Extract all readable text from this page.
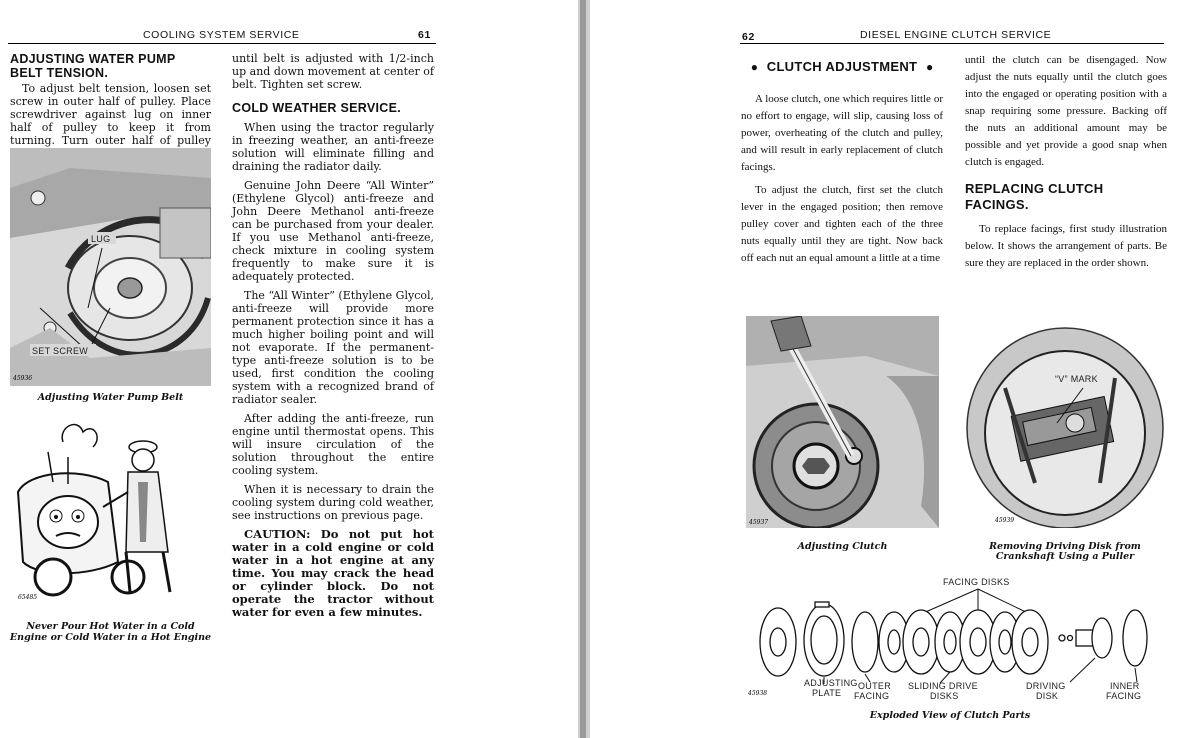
COOLING SYSTEM SERVICE	61
ADJUSTING WATER PUMP BELT TENSION.

To adjust belt tension, loosen set screw in outer half of pulley. Place screwdriver against lug on inner half of pulley to keep it from turning. Turn outer half of pulley

LUG
SET SCREW
45936
Adjusting Water Pump Belt
65485
Never Pour Hot Water in a Cold
Engine or Cold Water in a Hot Engine

until belt is adjusted with 1/2-inch up and down movement at center of belt. Tighten set screw.

COLD WEATHER SERVICE.

When using the tractor regularly in freezing weather, an anti-freeze solution will eliminate filling and draining the radiator daily.

Genuine John Deere “All Winter” (Ethylene Glycol) anti-freeze and John Deere Methanol anti-freeze can be purchased from your dealer. If you use Methanol anti-freeze, check mixture in cooling system frequently to make sure it is adequately protected.

The “All Winter” (Ethylene Glycol, anti-freeze will provide more permanent protection since it has a much higher boiling point and will not evaporate. If the permanent-type anti-freeze solution is to be used, first condition the cooling system with a recognized brand of radiator sealer.

After adding the anti-freeze, run engine until thermostat opens. This will insure circulation of the solution throughout the entire cooling system.

When it is necessary to drain the cooling system during cold weather, see instructions on previous page.

CAUTION: Do not put hot water in a cold engine or cold water in a hot engine at any time. You may crack the head or cylinder block. Do not operate the tractor without water for even a few minutes.

62	DIESEL ENGINE CLUTCH SERVICE
● CLUTCH ADJUSTMENT ●

A loose clutch, one which requires little or no effort to engage, will slip, causing loss of power, overheating of the clutch and pulley, and will result in early replacement of clutch facings.

To adjust the clutch, first set the clutch lever in the engaged position; then remove pulley cover and tighten each of the three nuts equally until they are tight. Now back off each nut an equal amount a little at a time

until the clutch can be disengaged. Now adjust the nuts equally until the clutch goes into the engaged or operating position with a snap requiring some pressure. Backing off the nuts an additional amount may be possible and yet provide a good snap when clutch is engaged.

REPLACING CLUTCH FACINGS.

To replace facings, first study illustration below. It shows the arrangement of parts. Be sure they are replaced in the order shown.

45937
Adjusting Clutch
“V” MARK
45939
Removing Driving Disk from
Crankshaft Using a Puller
FACING DISKS
ADJUSTING
PLATE
OUTER
FACING
SLIDING DRIVE
DISKS
DRIVING
DISK
INNER
FACING
45938
Exploded View of Clutch Parts
